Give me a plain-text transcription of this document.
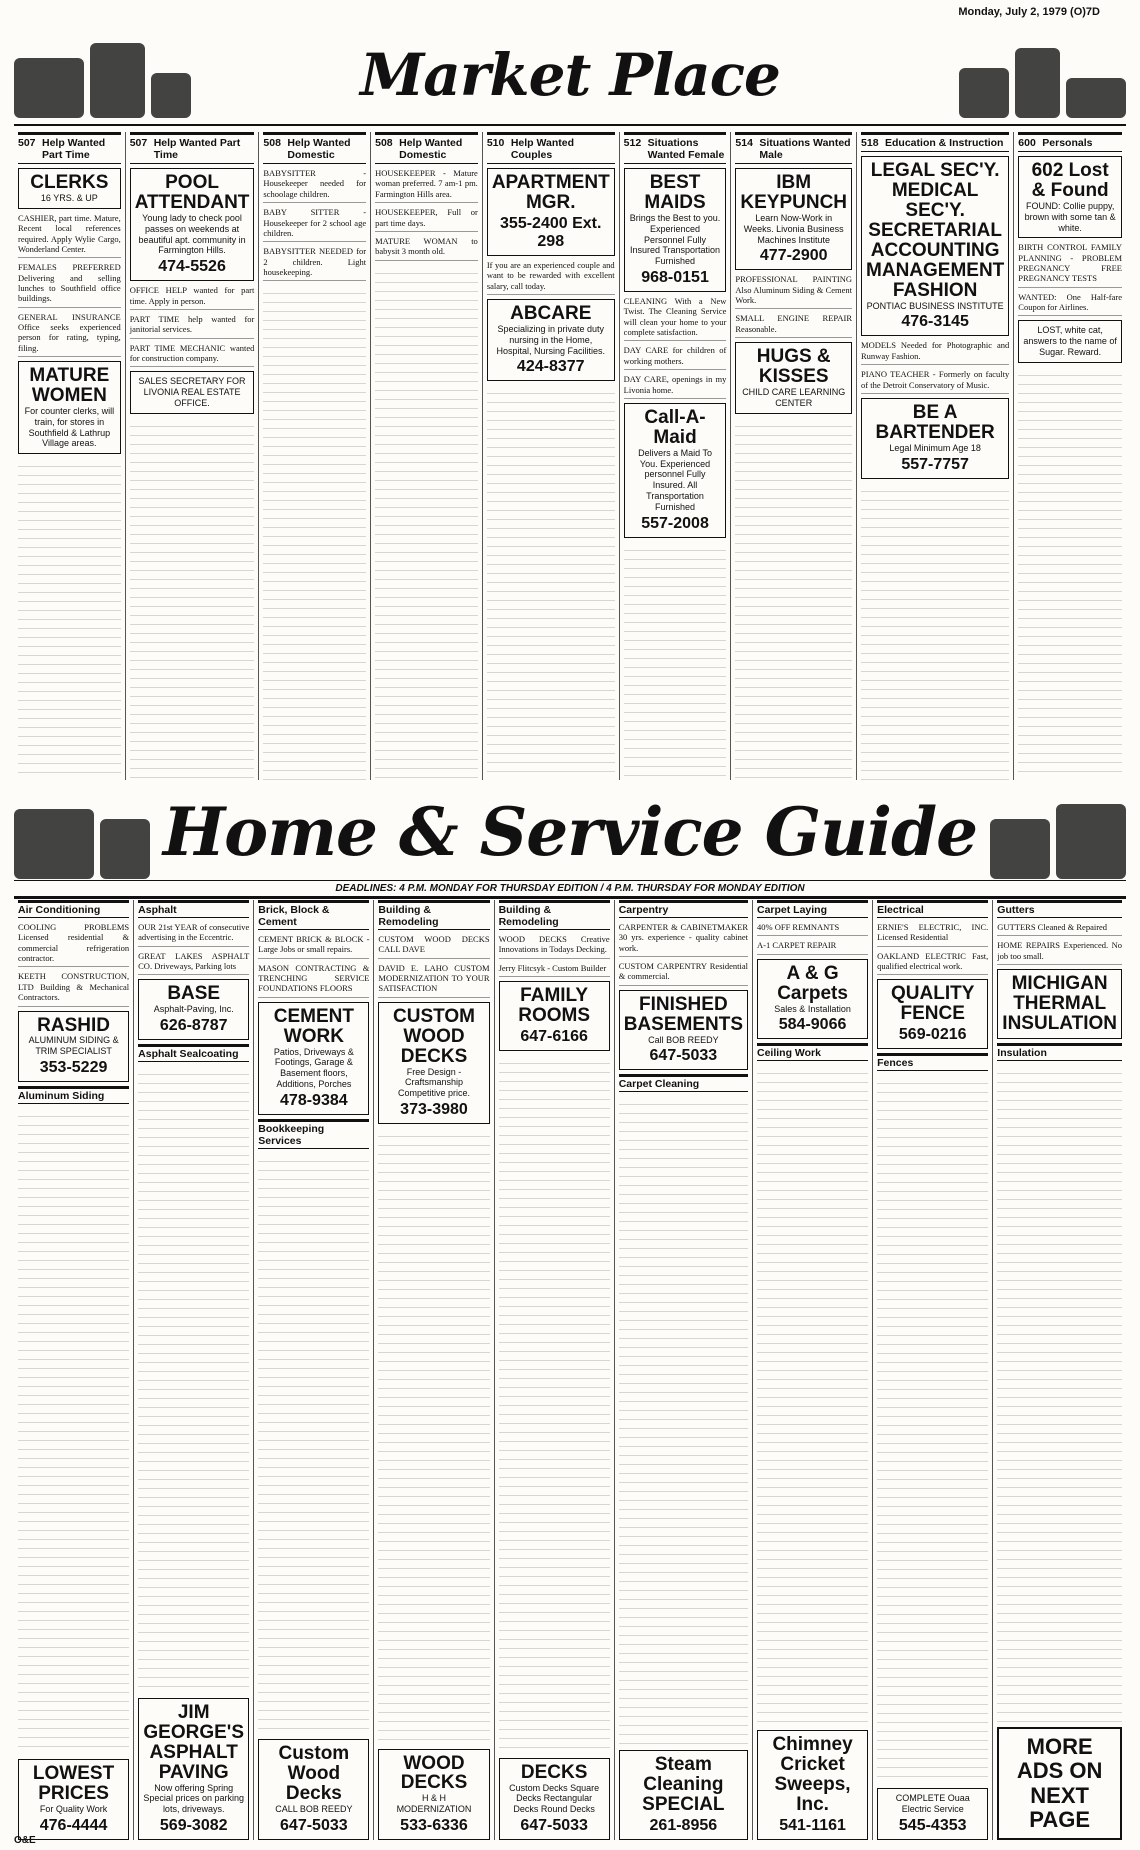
Monday, July 2, 1979 (O)7D
Market Place
507 Help Wanted Part Time
CLERKS
16 YRS. & UP
CASHIER, part time. Mature, Recent local references required. Apply Wylie Cargo, Wonderland Center.
FEMALES PREFERRED Delivering and selling lunches to Southfield office buildings.
GENERAL INSURANCE Office seeks experienced person for rating, typing, filing.
MATURE WOMEN
For counter clerks, will train, for stores in Southfield & Lathrup Village areas.
507 Help Wanted Part Time
POOL ATTENDANT
Young lady to check pool passes on weekends at beautiful apt. community in Farmington Hills.
474-5526
OFFICE HELP wanted for part time. Apply in person.
PART TIME help wanted for janitorial services.
PART TIME MECHANIC wanted for construction company.
SALES SECRETARY FOR LIVONIA REAL ESTATE OFFICE.
508 Help Wanted Domestic
BABYSITTER - Housekeeper needed for schoolage children.
BABY SITTER - Housekeeper for 2 school age children.
BABYSITTER NEEDED for 2 children. Light housekeeping.
508 Help Wanted Domestic
HOUSEKEEPER - Mature woman preferred. 7 am-1 pm. Farmington Hills area.
HOUSEKEEPER, Full or part time days.
MATURE WOMAN to babysit 3 month old.
510 Help Wanted Couples
APARTMENT MGR.
355-2400 Ext. 298
If you are an experienced couple and want to be rewarded with excellent salary, call today.
ABCARE
Specializing in private duty nursing in the Home, Hospital, Nursing Facilities.
424-8377
512 Situations Wanted Female
BEST MAIDS
Brings the Best to you. Experienced Personnel Fully Insured Transportation Furnished
968-0151
CLEANING With a New Twist. The Cleaning Service will clean your home to your complete satisfaction.
DAY CARE for children of working mothers.
DAY CARE, openings in my Livonia home.
Call-A-Maid
Delivers a Maid To You. Experienced personnel Fully Insured. All Transportation Furnished
557-2008
514 Situations Wanted Male
IBM KEYPUNCH
Learn Now-Work in Weeks. Livonia Business Machines Institute
477-2900
PROFESSIONAL PAINTING Also Aluminum Siding & Cement Work.
SMALL ENGINE REPAIR Reasonable.
HUGS & KISSES
CHILD CARE LEARNING CENTER
518 Education & Instruction
LEGAL SEC'Y. MEDICAL SEC'Y. SECRETARIAL ACCOUNTING MANAGEMENT FASHION
PONTIAC BUSINESS INSTITUTE
476-3145
MODELS Needed for Photographic and Runway Fashion.
PIANO TEACHER - Formerly on faculty of the Detroit Conservatory of Music.
BE A BARTENDER
Legal Minimum Age 18
557-7757
600 Personals
602 Lost & Found
FOUND: Collie puppy, brown with some tan & white.
BIRTH CONTROL FAMILY PLANNING - PROBLEM PREGNANCY FREE PREGNANCY TESTS
WANTED: One Half-fare Coupon for Airlines.
LOST, white cat, answers to the name of Sugar. Reward.
Home & Service Guide
DEADLINES: 4 P.M. MONDAY FOR THURSDAY EDITION / 4 P.M. THURSDAY FOR MONDAY EDITION
Air Conditioning
COOLING PROBLEMS Licensed residential & commercial refrigeration contractor.
KEETH CONSTRUCTION, LTD Building & Mechanical Contractors.
RASHID
ALUMINUM SIDING & TRIM SPECIALIST
353-5229
Aluminum Siding
LOWEST PRICES
For Quality Work
476-4444
Asphalt
OUR 21st YEAR of consecutive advertising in the Eccentric.
GREAT LAKES ASPHALT CO. Driveways, Parking lots
BASE
Asphalt-Paving, Inc.
626-8787
Asphalt Sealcoating
JIM GEORGE'S ASPHALT PAVING
Now offering Spring Special prices on parking lots, driveways.
569-3082
Brick, Block & Cement
CEMENT BRICK & BLOCK - Large Jobs or small repairs.
MASON CONTRACTING & TRENCHING SERVICE FOUNDATIONS FLOORS
CEMENT WORK
Patios, Driveways & Footings, Garage & Basement floors, Additions, Porches
478-9384
Bookkeeping Services
Custom Wood Decks
CALL BOB REEDY
647-5033
Building & Remodeling
CUSTOM WOOD DECKS CALL DAVE
DAVID E. LAHO CUSTOM MODERNIZATION TO YOUR SATISFACTION
CUSTOM WOOD DECKS
Free Design - Craftsmanship Competitive price.
373-3980
WOOD DECKS
H & H MODERNIZATION
533-6336
Building & Remodeling
WOOD DECKS Creative Innovations in Todays Decking.
Jerry Flitcsyk - Custom Builder
FAMILY ROOMS
647-6166
DECKS
Custom Decks Square Decks Rectangular Decks Round Decks
647-5033
Carpentry
CARPENTER & CABINETMAKER 30 yrs. experience - quality cabinet work.
CUSTOM CARPENTRY Residential & commercial.
FINISHED BASEMENTS
Call BOB REEDY
647-5033
Carpet Cleaning
Steam Cleaning SPECIAL
261-8956
Carpet Laying
40% OFF REMNANTS
A-1 CARPET REPAIR
A & G Carpets
Sales & Installation
584-9066
Ceiling Work
Chimney Cricket Sweeps, Inc.
541-1161
Electrical
ERNIE'S ELECTRIC, INC. Licensed Residential
OAKLAND ELECTRIC Fast, qualified electrical work.
QUALITY FENCE
569-0216
Fences
COMPLETE Ouaa Electric Service
545-4353
Gutters
GUTTERS Cleaned & Repaired
HOME REPAIRS Experienced. No job too small.
MICHIGAN THERMAL INSULATION
Insulation
MORE ADS ON NEXT PAGE
O&E
